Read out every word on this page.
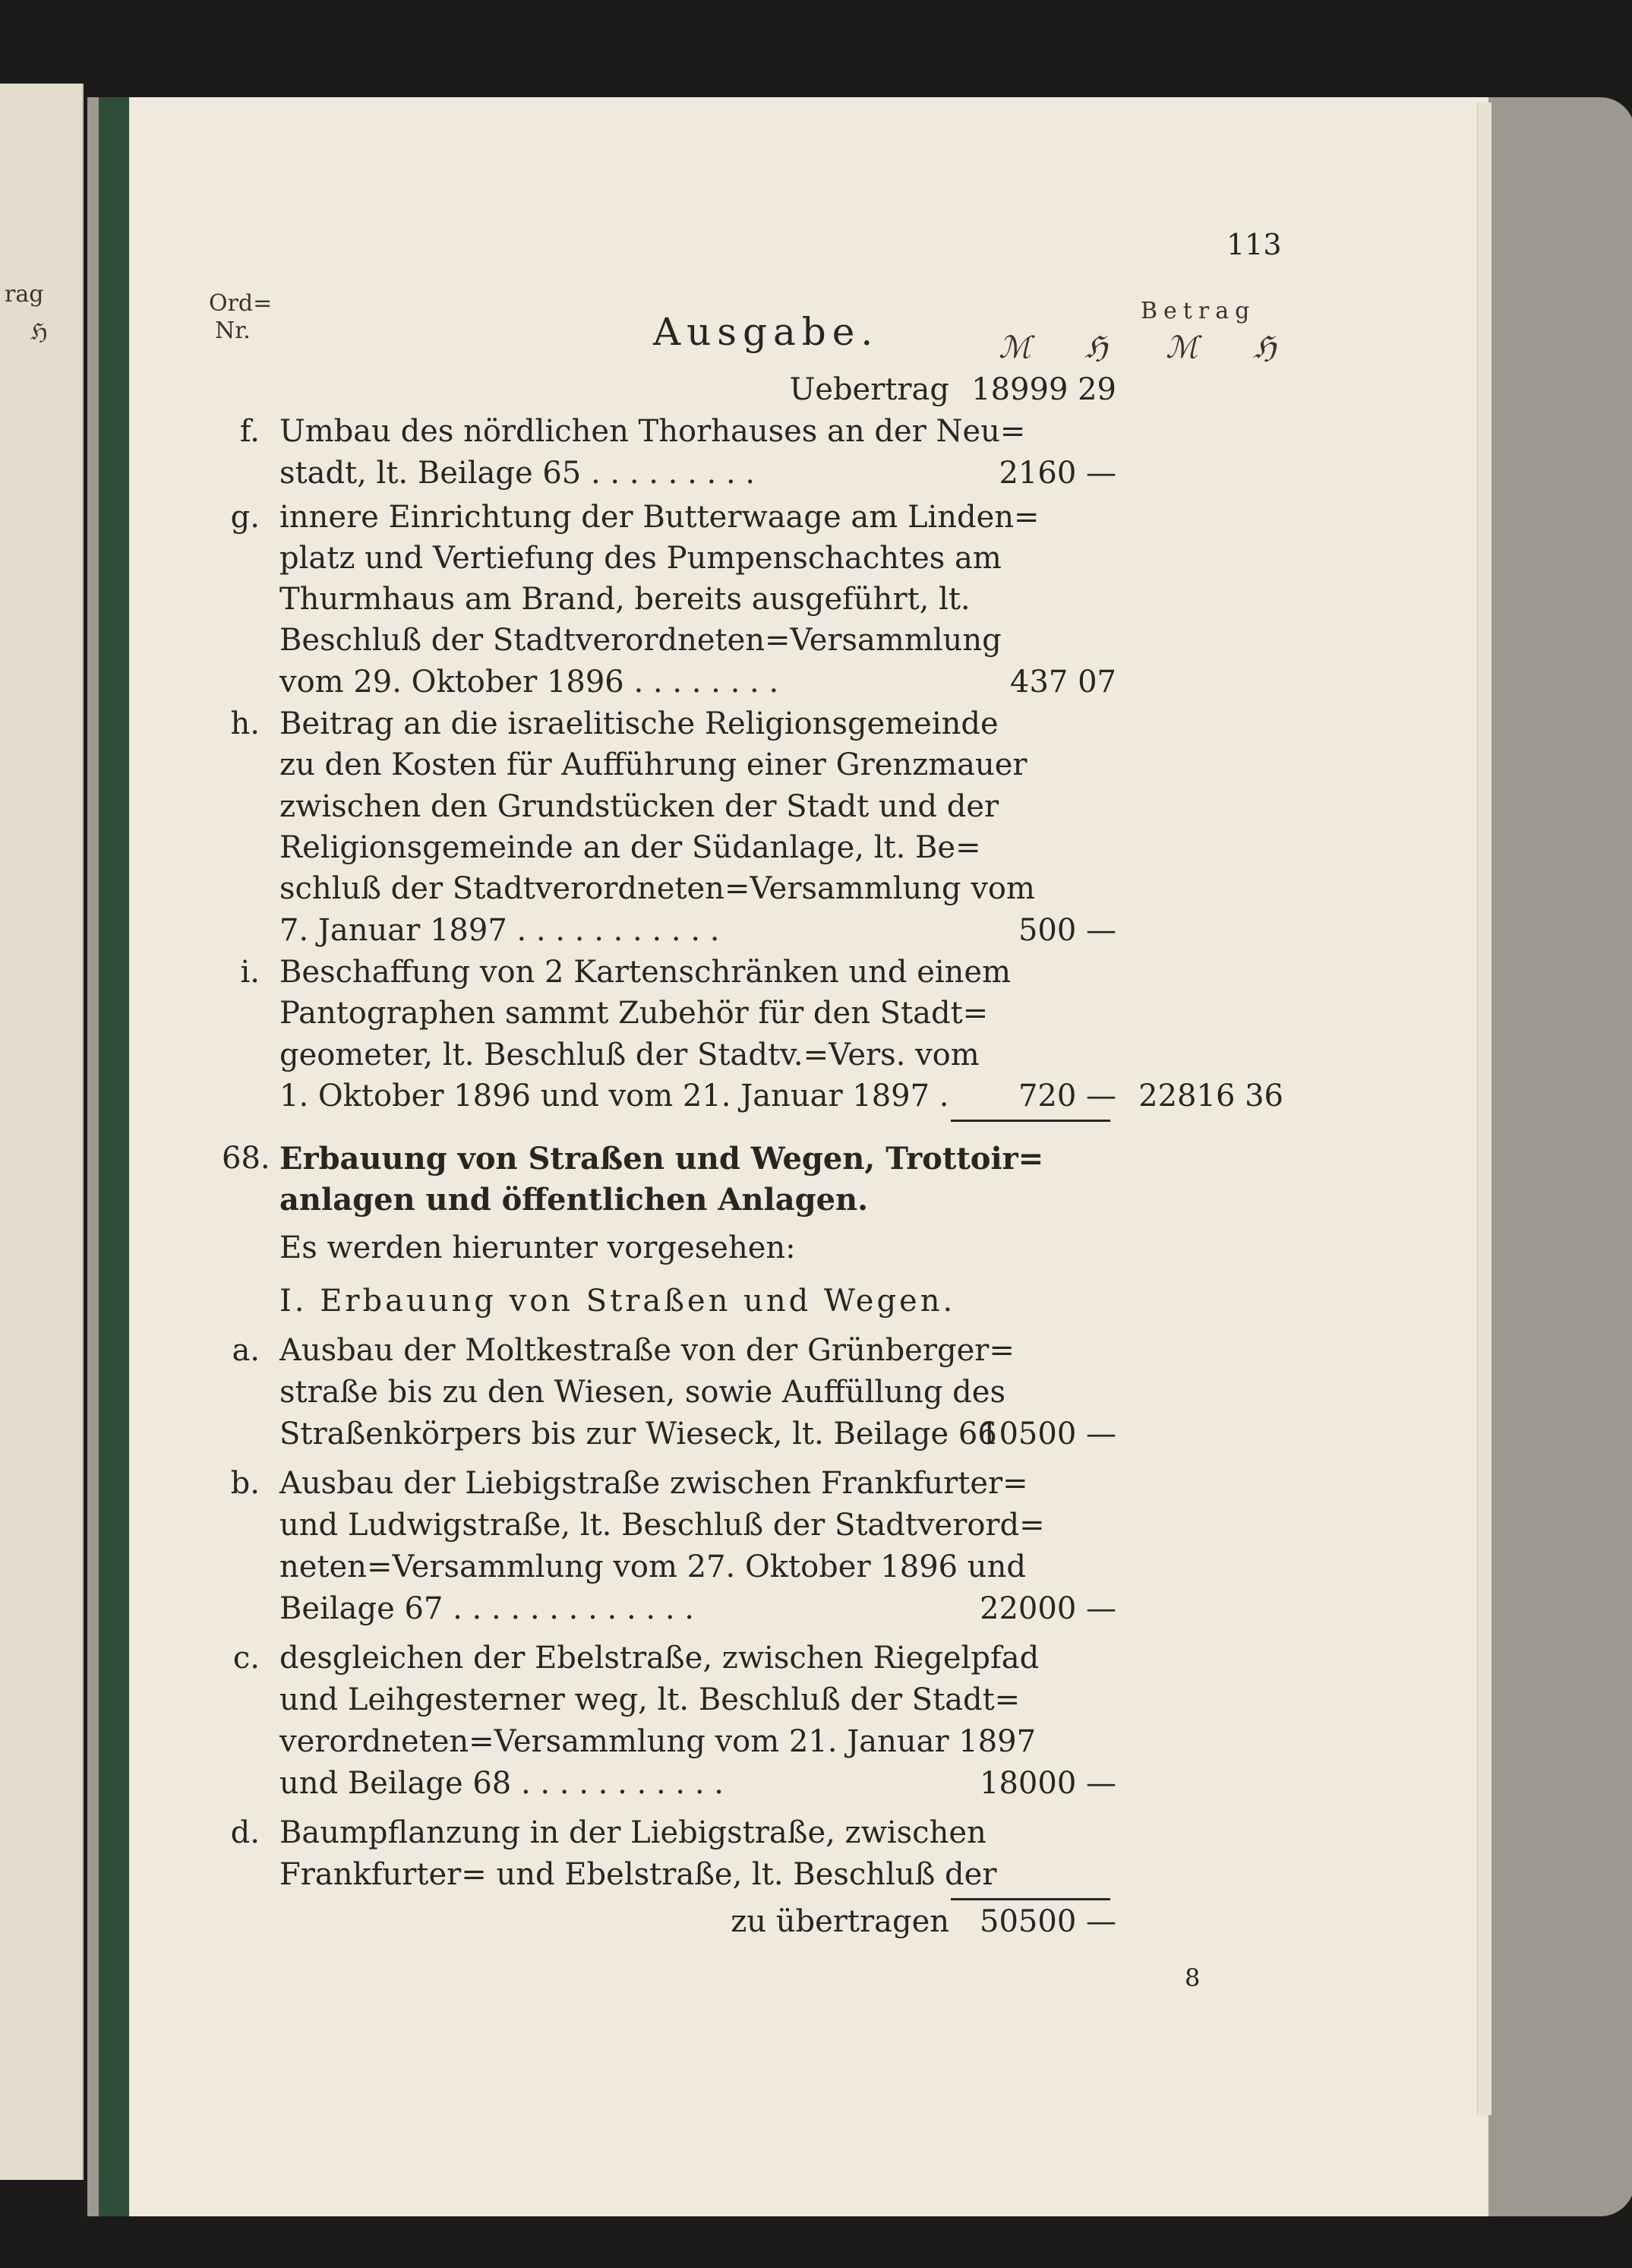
rag
ℌ
113
Ord=
Nr.	Ausgabe.	Betrag
ℳ ℌ ℳ ℌ
Uebertrag 18999 29
f. Umbau des nördlichen Thorhauses an der Neu=
stadt, lt. Beilage 65 . . . . . . . . .	2160 —
g. innere Einrichtung der Butterwaage am Linden=
platz und Vertiefung des Pumpenschachtes am
Thurmhaus am Brand, bereits ausgeführt, lt.
Beschluß der Stadtverordneten=Versammlung
vom 29. Oktober 1896 . . . . . . . .	437 07
h. Beitrag an die israelitische Religionsgemeinde
zu den Kosten für Aufführung einer Grenzmauer
zwischen den Grundstücken der Stadt und der
Religionsgemeinde an der Südanlage, lt. Be=
schluß der Stadtverordneten=Versammlung vom
7. Januar 1897 . . . . . . . . . . .	500 —
i. Beschaffung von 2 Kartenschränken und einem
Pantographen sammt Zubehör für den Stadt=
geometer, lt. Beschluß der Stadtv.=Vers. vom
1. Oktober 1896 und vom 21. Januar 1897 .	720 — 22816 36
68. Erbauung von Straßen und Wegen, Trottoir=
anlagen und öffentlichen Anlagen.
Es werden hierunter vorgesehen:
I. Erbauung von Straßen und Wegen.
a. Ausbau der Moltkestraße von der Grünberger=
straße bis zu den Wiesen, sowie Auffüllung des
Straßenkörpers bis zur Wieseck, lt. Beilage 66
10500 —
b. Ausbau der Liebigstraße zwischen Frankfurter=
und Ludwigstraße, lt. Beschluß der Stadtverord=
neten=Versammlung vom 27. Oktober 1896 und
Beilage 67 . . . . . . . . . . . . .	22000 —
c. desgleichen der Ebelstraße, zwischen Riegelpfad
und Leihgesterner weg, lt. Beschluß der Stadt=
verordneten=Versammlung vom 21. Januar 1897
und Beilage 68 . . . . . . . . . . .	18000 —
d. Baumpflanzung in der Liebigstraße, zwischen
Frankfurter= und Ebelstraße, lt. Beschluß der
zu übertragen	50500 —
8
